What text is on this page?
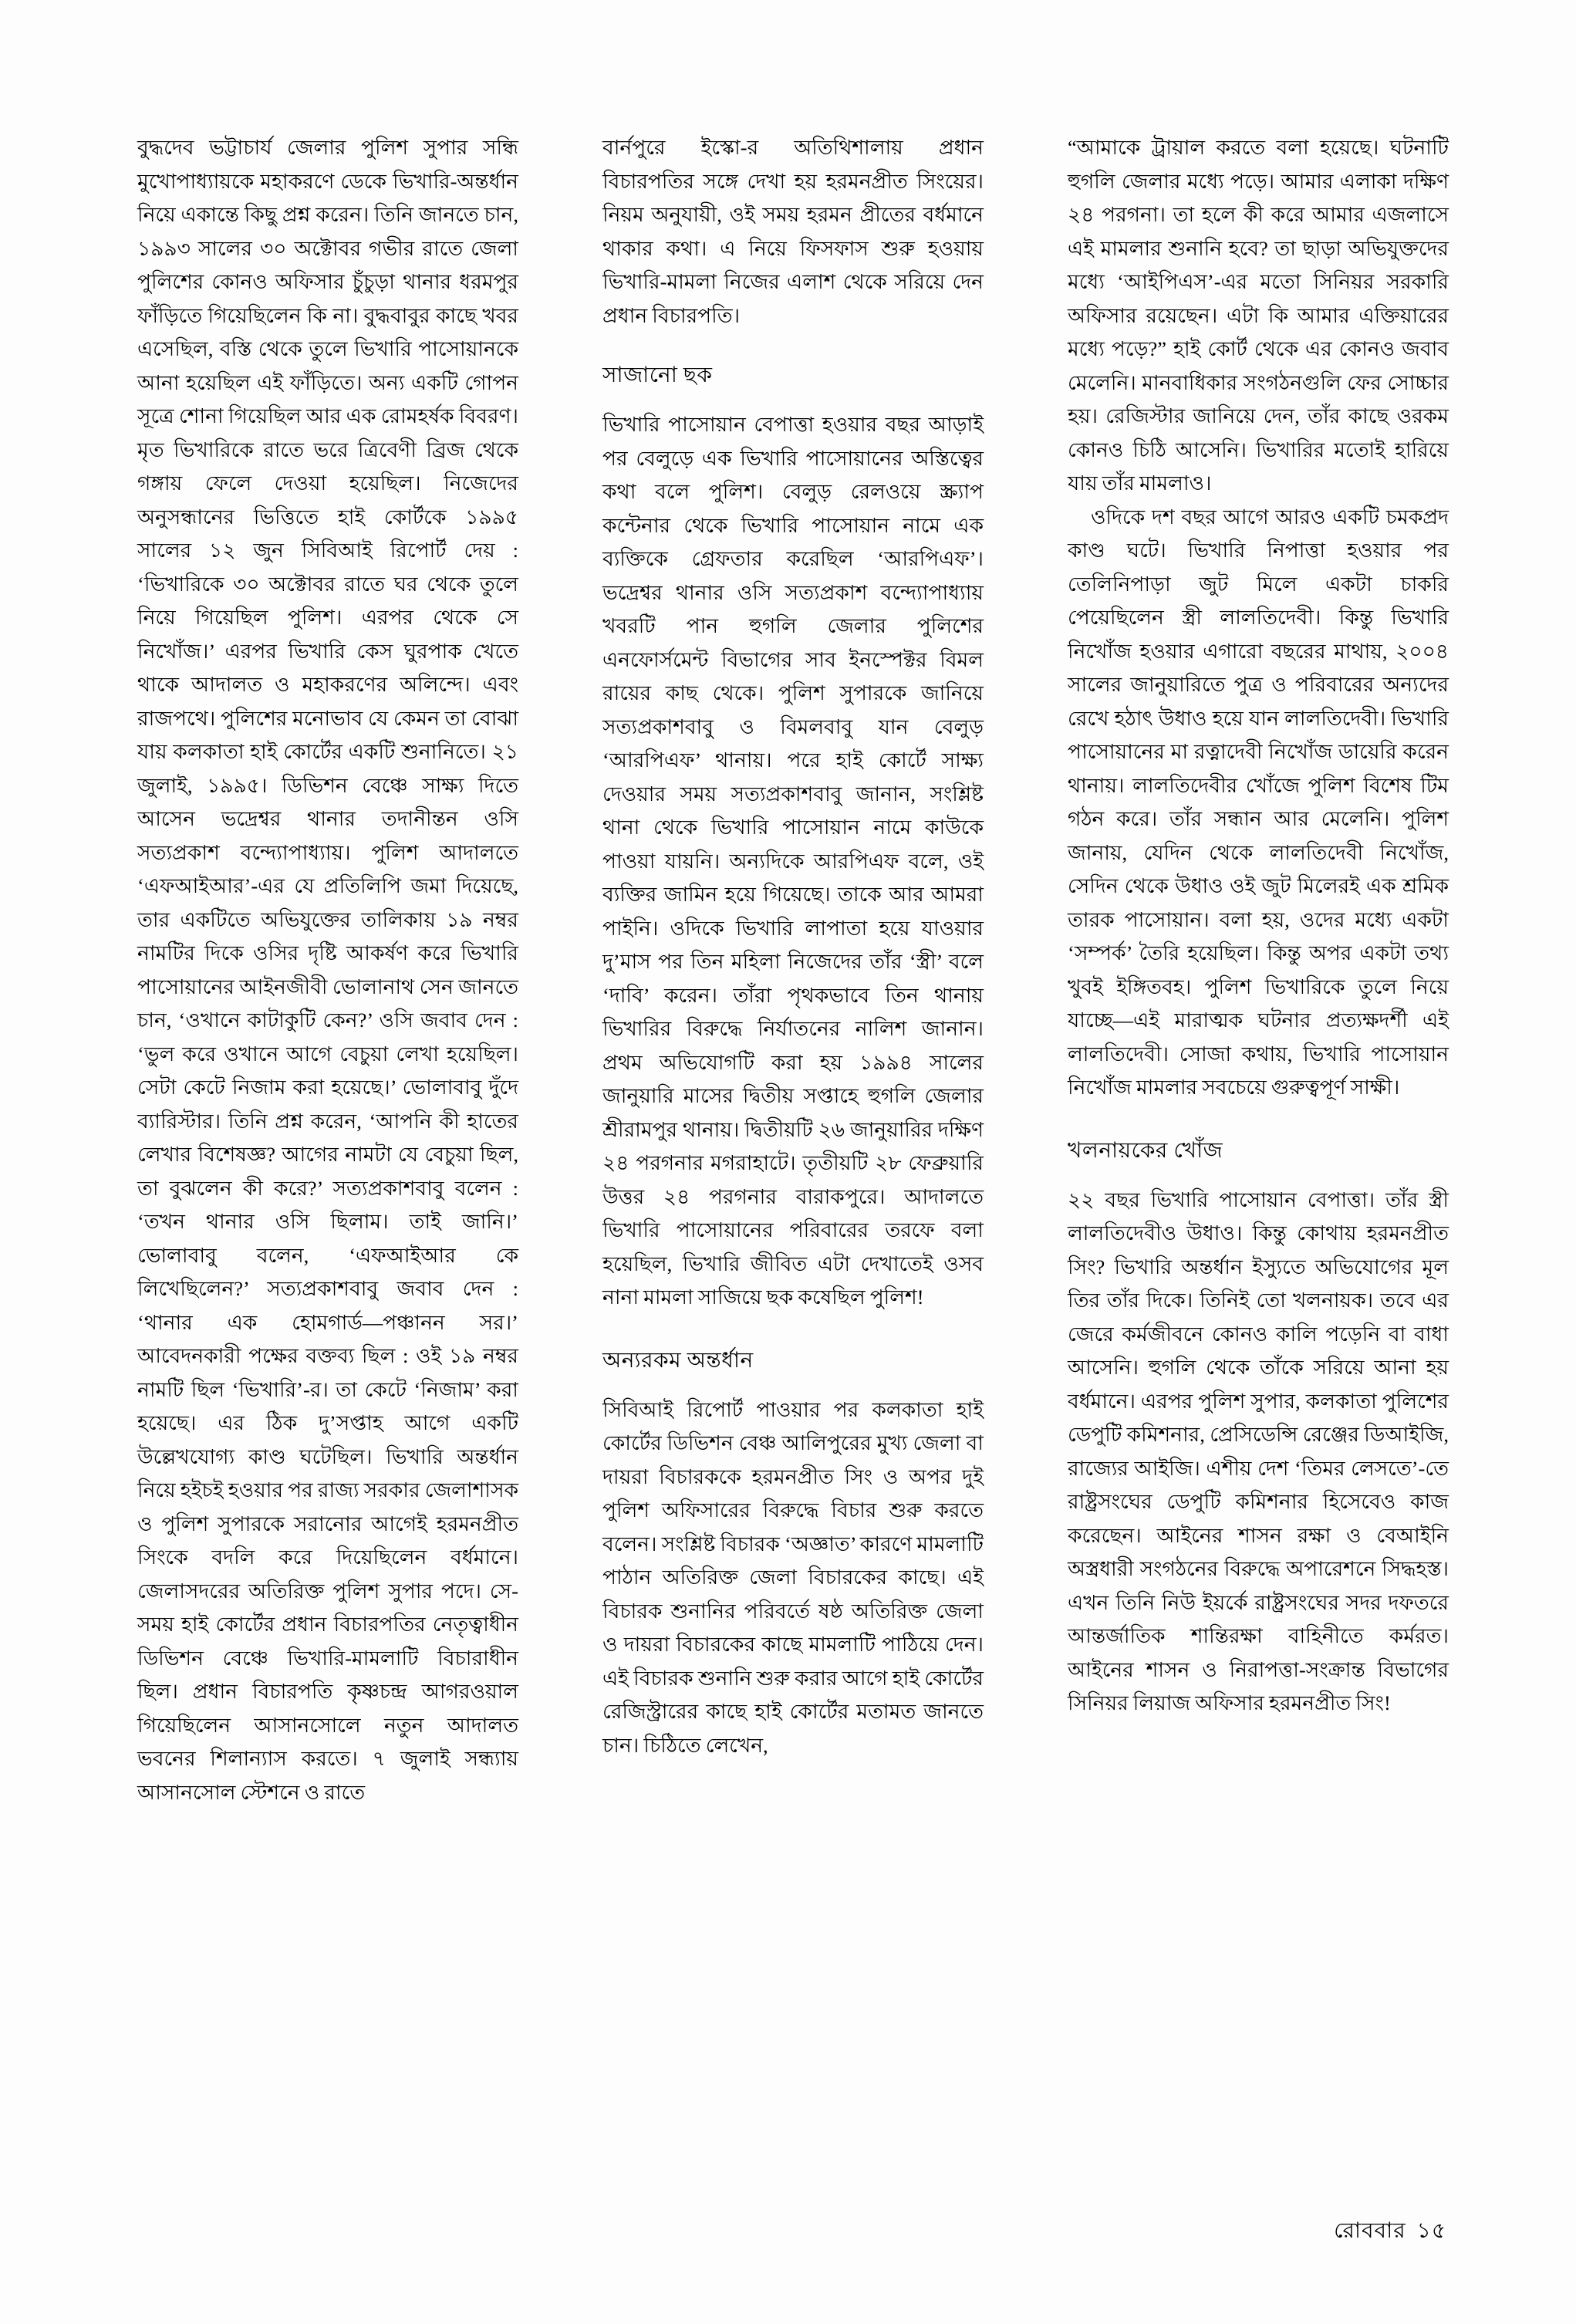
বুদ্ধদেব ভট্টাচার্য জেলার পুলিশ সুপার সন্ধি মুখোপাধ্যায়কে মহাকরণে ডেকে ভিখারি-অন্তর্ধান নিয়ে একান্তে কিছু প্রশ্ন করেন। তিনি জানতে চান, ১৯৯৩ সালের ৩০ অক্টোবর গভীর রাতে জেলা পুলিশের কোনও অফিসার চুঁচুড়া থানার ধরমপুর ফাঁড়িতে গিয়েছিলেন কি না। বুদ্ধবাবুর কাছে খবর এসেছিল, বস্তি থেকে তুলে ভিখারি পাসোয়ানকে আনা হয়েছিল এই ফাঁড়িতে। অন্য একটি গোপন সূত্রে শোনা গিয়েছিল আর এক রোমহর্ষক বিবরণ। মৃত ভিখারিকে রাতে ভরে ত্রিবেণী ব্রিজ থেকে গঙ্গায় ফেলে দেওয়া হয়েছিল। নিজেদের অনুসন্ধানের ভিত্তিতে হাই কোর্টকে ১৯৯৫ সালের ১২ জুন সিবিআই রিপোর্ট দেয় : ‘ভিখারিকে ৩০ অক্টোবর রাতে ঘর থেকে তুলে নিয়ে গিয়েছিল পুলিশ। এরপর থেকে সে নিখোঁজ।’ এরপর ভিখারি কেস ঘুরপাক খেতে থাকে আদালত ও মহাকরণের অলিন্দে। এবং রাজপথে। পুলিশের মনোভাব যে কেমন তা বোঝা যায় কলকাতা হাই কোর্টের একটি শুনানিতে। ২১ জুলাই, ১৯৯৫। ডিভিশন বেঞ্চে সাক্ষ্য দিতে আসেন ভদ্রেশ্বর থানার তদানীন্তন ওসি সত্যপ্রকাশ বন্দ্যোপাধ্যায়। পুলিশ আদালতে ‘এফআইআর’-এর যে প্রতিলিপি জমা দিয়েছে, তার একটিতে অভিযুক্তের তালিকায় ১৯ নম্বর নামটির দিকে ওসির দৃষ্টি আকর্ষণ করে ভিখারি পাসোয়ানের আইনজীবী ভোলানাথ সেন জানতে চান, ‘ওখানে কাটাকুটি কেন?’ ওসি জবাব দেন : ‘ভুল করে ওখানে আগে বেচুয়া লেখা হয়েছিল। সেটা কেটে নিজাম করা হয়েছে।’ ভোলাবাবু দুঁদে ব্যারিস্টার। তিনি প্রশ্ন করেন, ‘আপনি কী হাতের লেখার বিশেষজ্ঞ? আগের নামটা যে বেচুয়া ছিল, তা বুঝলেন কী করে?’ সত্যপ্রকাশবাবু বলেন : ‘তখন থানার ওসি ছিলাম। তাই জানি।’ ভোলাবাবু বলেন, ‘এফআইআর কে লিখেছিলেন?’ সত্যপ্রকাশবাবু জবাব দেন : ‘থানার এক হোমগার্ড—পঞ্চানন সর।’ আবেদনকারী পক্ষের বক্তব্য ছিল : ওই ১৯ নম্বর নামটি ছিল ‘ভিখারি’-র। তা কেটে ‘নিজাম’ করা হয়েছে। এর ঠিক দু’সপ্তাহ আগে একটি উল্লেখযোগ্য কাণ্ড ঘটেছিল। ভিখারি অন্তর্ধান নিয়ে হইচই হওয়ার পর রাজ্য সরকার জেলাশাসক ও পুলিশ সুপারকে সরানোর আগেই হরমনপ্রীত সিংকে বদলি করে দিয়েছিলেন বর্ধমানে। জেলাসদরের অতিরিক্ত পুলিশ সুপার পদে। সে-সময় হাই কোর্টের প্রধান বিচারপতির নেতৃত্বাধীন ডিভিশন বেঞ্চে ভিখারি-মামলাটি বিচারাধীন ছিল। প্রধান বিচারপতি কৃষ্ণচন্দ্র আগরওয়াল গিয়েছিলেন আসানসোলে নতুন আদালত ভবনের শিলান্যাস করতে। ৭ জুলাই সন্ধ্যায় আসানসোল স্টেশনে ও রাতে

বার্নপুরে ইস্কো-র অতিথিশালায় প্রধান বিচারপতির সঙ্গে দেখা হয় হরমনপ্রীত সিংয়ের। নিয়ম অনুযায়ী, ওই সময় হরমন প্রীতের বর্ধমানে থাকার কথা। এ নিয়ে ফিসফাস শুরু হওয়ায় ভিখারি-মামলা নিজের এলাশ থেকে সরিয়ে দেন প্রধান বিচারপতি।

সাজানো ছক

ভিখারি পাসোয়ান বেপাত্তা হওয়ার বছর আড়াই পর বেলুড়ে এক ভিখারি পাসোয়ানের অস্তিত্বের কথা বলে পুলিশ। বেলুড় রেলওয়ে স্ক্র্যাপ কন্টেনার থেকে ভিখারি পাসোয়ান নামে এক ব্যক্তিকে গ্রেফতার করেছিল ‘আরপিএফ’। ভদ্রেশ্বর থানার ওসি সত্যপ্রকাশ বন্দ্যোপাধ্যায় খবরটি পান হুগলি জেলার পুলিশের এনফোর্সমেন্ট বিভাগের সাব ইনস্পেক্টর বিমল রায়ের কাছ থেকে। পুলিশ সুপারকে জানিয়ে সত্যপ্রকাশবাবু ও বিমলবাবু যান বেলুড় ‘আরপিএফ’ থানায়। পরে হাই কোর্টে সাক্ষ্য দেওয়ার সময় সত্যপ্রকাশবাবু জানান, সংশ্লিষ্ট থানা থেকে ভিখারি পাসোয়ান নামে কাউকে পাওয়া যায়নি। অন্যদিকে আরপিএফ বলে, ওই ব্যক্তির জামিন হয়ে গিয়েছে। তাকে আর আমরা পাইনি। ওদিকে ভিখারি লাপাতা হয়ে যাওয়ার দু’মাস পর তিন মহিলা নিজেদের তাঁর ‘স্ত্রী’ বলে ‘দাবি’ করেন। তাঁরা পৃথকভাবে তিন থানায় ভিখারির বিরুদ্ধে নির্যাতনের নালিশ জানান। প্রথম অভিযোগটি করা হয় ১৯৯৪ সালের জানুয়ারি মাসের দ্বিতীয় সপ্তাহে হুগলি জেলার শ্রীরামপুর থানায়। দ্বিতীয়টি ২৬ জানুয়ারির দক্ষিণ ২৪ পরগনার মগরাহাটে। তৃতীয়টি ২৮ ফেব্রুয়ারি উত্তর ২৪ পরগনার বারাকপুরে। আদালতে ভিখারি পাসোয়ানের পরিবারের তরফে বলা হয়েছিল, ভিখারি জীবিত এটা দেখাতেই ওসব নানা মামলা সাজিয়ে ছক কষেছিল পুলিশ!

অন্যরকম অন্তর্ধান

সিবিআই রিপোর্ট পাওয়ার পর কলকাতা হাই কোর্টের ডিভিশন বেঞ্চ আলিপুরের মুখ্য জেলা বা দায়রা বিচারককে হরমনপ্রীত সিং ও অপর দুই পুলিশ অফিসারের বিরুদ্ধে বিচার শুরু করতে বলেন। সংশ্লিষ্ট বিচারক ‘অজ্ঞাত’ কারণে মামলাটি পাঠান অতিরিক্ত জেলা বিচারকের কাছে। এই বিচারক শুনানির পরিবর্তে ষষ্ঠ অতিরিক্ত জেলা ও দায়রা বিচারকের কাছে মামলাটি পাঠিয়ে দেন। এই বিচারক শুনানি শুরু করার আগে হাই কোর্টের রেজিস্ট্রারের কাছে হাই কোর্টের মতামত জানতে চান। চিঠিতে লেখেন,

“আমাকে ট্রায়াল করতে বলা হয়েছে। ঘটনাটি হুগলি জেলার মধ্যে পড়ে। আমার এলাকা দক্ষিণ ২৪ পরগনা। তা হলে কী করে আমার এজলাসে এই মামলার শুনানি হবে? তা ছাড়া অভিযুক্তদের মধ্যে ‘আইপিএস’-এর মতো সিনিয়র সরকারি অফিসার রয়েছেন। এটা কি আমার এক্তিয়ারের মধ্যে পড়ে?” হাই কোর্ট থেকে এর কোনও জবাব মেলেনি। মানবাধিকার সংগঠনগুলি ফের সোচ্চার হয়। রেজিস্টার জানিয়ে দেন, তাঁর কাছে ওরকম কোনও চিঠি আসেনি। ভিখারির মতোই হারিয়ে যায় তাঁর মামলাও।

ওদিকে দশ বছর আগে আরও একটি চমকপ্রদ কাণ্ড ঘটে। ভিখারি নিপাত্তা হওয়ার পর তেলিনিপাড়া জুট মিলে একটা চাকরি পেয়েছিলেন স্ত্রী লালতিদেবী। কিন্তু ভিখারি নিখোঁজ হওয়ার এগারো বছরের মাথায়, ২০০৪ সালের জানুয়ারিতে পুত্র ও পরিবারের অন্যদের রেখে হঠাৎ উধাও হয়ে যান লালতিদেবী। ভিখারি পাসোয়ানের মা রত্নাদেবী নিখোঁজ ডায়েরি করেন থানায়। লালতিদেবীর খোঁজে পুলিশ বিশেষ টিম গঠন করে। তাঁর সন্ধান আর মেলেনি। পুলিশ জানায়, যেদিন থেকে লালতিদেবী নিখোঁজ, সেদিন থেকে উধাও ওই জুট মিলেরই এক শ্রমিক তারক পাসোয়ান। বলা হয়, ওদের মধ্যে একটা ‘সম্পর্ক’ তৈরি হয়েছিল। কিন্তু অপর একটা তথ্য খুবই ইঙ্গিতবহ। পুলিশ ভিখারিকে তুলে নিয়ে যাচ্ছে—এই মারাত্মক ঘটনার প্রত্যক্ষদর্শী এই লালতিদেবী। সোজা কথায়, ভিখারি পাসোয়ান নিখোঁজ মামলার সবচেয়ে গুরুত্বপূর্ণ সাক্ষী।

খলনায়কের খোঁজ

২২ বছর ভিখারি পাসোয়ান বেপাত্তা। তাঁর স্ত্রী লালতিদেবীও উধাও। কিন্তু কোথায় হরমনপ্রীত সিং? ভিখারি অন্তর্ধান ইস্যুতে অভিযোগের মূল তির তাঁর দিকে। তিনিই তো খলনায়ক। তবে এর জেরে কর্মজীবনে কোনও কালি পড়েনি বা বাধা আসেনি। হুগলি থেকে তাঁকে সরিয়ে আনা হয় বর্ধমানে। এরপর পুলিশ সুপার, কলকাতা পুলিশের ডেপুটি কমিশনার, প্রেসিডেন্সি রেঞ্জের ডিআইজি, রাজ্যের আইজি। এশীয় দেশ ‘তিমর লেসতে’-তে রাষ্ট্রসংঘের ডেপুটি কমিশনার হিসেবেও কাজ করেছেন। আইনের শাসন রক্ষা ও বেআইনি অস্ত্রধারী সংগঠনের বিরুদ্ধে অপারেশনে সিদ্ধহস্ত। এখন তিনি নিউ ইয়র্কে রাষ্ট্রসংঘের সদর দফতরে আন্তর্জাতিক শান্তিরক্ষা বাহিনীতে কর্মরত। আইনের শাসন ও নিরাপত্তা-সংক্রান্ত বিভাগের সিনিয়র লিয়াজ অফিসার হরমনপ্রীত সিং!

রোববার ১৫
